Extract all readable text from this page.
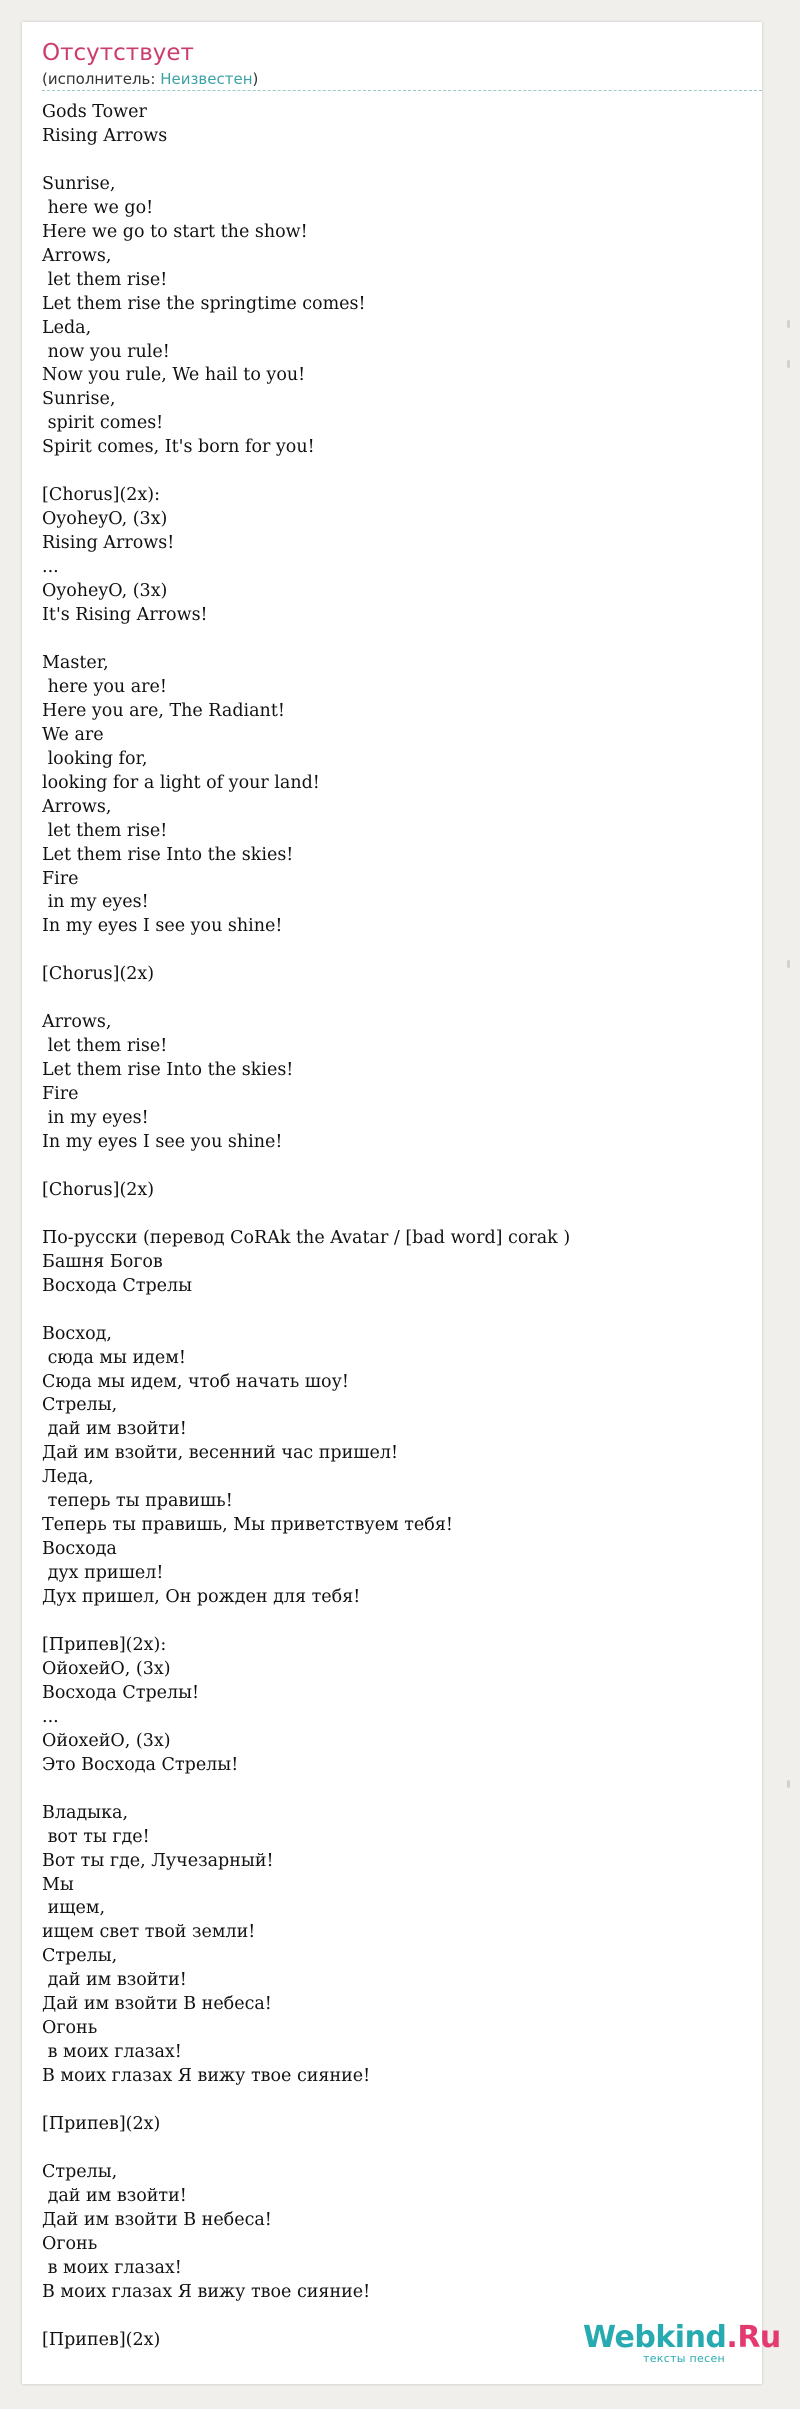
Отсутствует
(исполнитель: Неизвестен)
Gods Tower
Rising Arrows

Sunrise,
here we go!
Here we go to start the show!
Arrows,
let them rise!
Let them rise the springtime comes!
Leda,
now you rule!
Now you rule, We hail to you!
Sunrise,
spirit comes!
Spirit comes, It's born for you!

[Chorus](2x):
OyoheyO, (3x)
Rising Arrows!
...
OyoheyO, (3x)
It's Rising Arrows!

Master,
here you are!
Here you are, The Radiant!
We are
looking for,
looking for a light of your land!
Arrows,
let them rise!
Let them rise Into the skies!
Fire
in my eyes!
In my eyes I see you shine!

[Chorus](2x)

Arrows,
let them rise!
Let them rise Into the skies!
Fire
in my eyes!
In my eyes I see you shine!

[Chorus](2x)

По-русски (перевод CoRAk the Avatar / [bad word] corak )
Башня Богов
Восхода Стрелы

Восход,
сюда мы идем!
Сюда мы идем, чтоб начать шоу!
Стрелы,
дай им взойти!
Дай им взойти, весенний час пришел!
Леда,
теперь ты правишь!
Теперь ты правишь, Мы приветствуем тебя!
Восхода
дух пришел!
Дух пришел, Он рожден для тебя!

[Припев](2x):
ОйохейО, (3x)
Восхода Стрелы!
...
ОйохейО, (3x)
Это Восхода Стрелы!

Владыка,
вот ты где!
Вот ты где, Лучезарный!
Мы
ищем,
ищем свет твой земли!
Стрелы,
дай им взойти!
Дай им взойти В небеса!
Огонь
в моих глазах!
В моих глазах Я вижу твое сияние!

[Припев](2x)

Стрелы,
дай им взойти!
Дай им взойти В небеса!
Огонь
в моих глазах!
В моих глазах Я вижу твое сияние!

[Припев](2x)	Webkind.Ru
тексты песен
